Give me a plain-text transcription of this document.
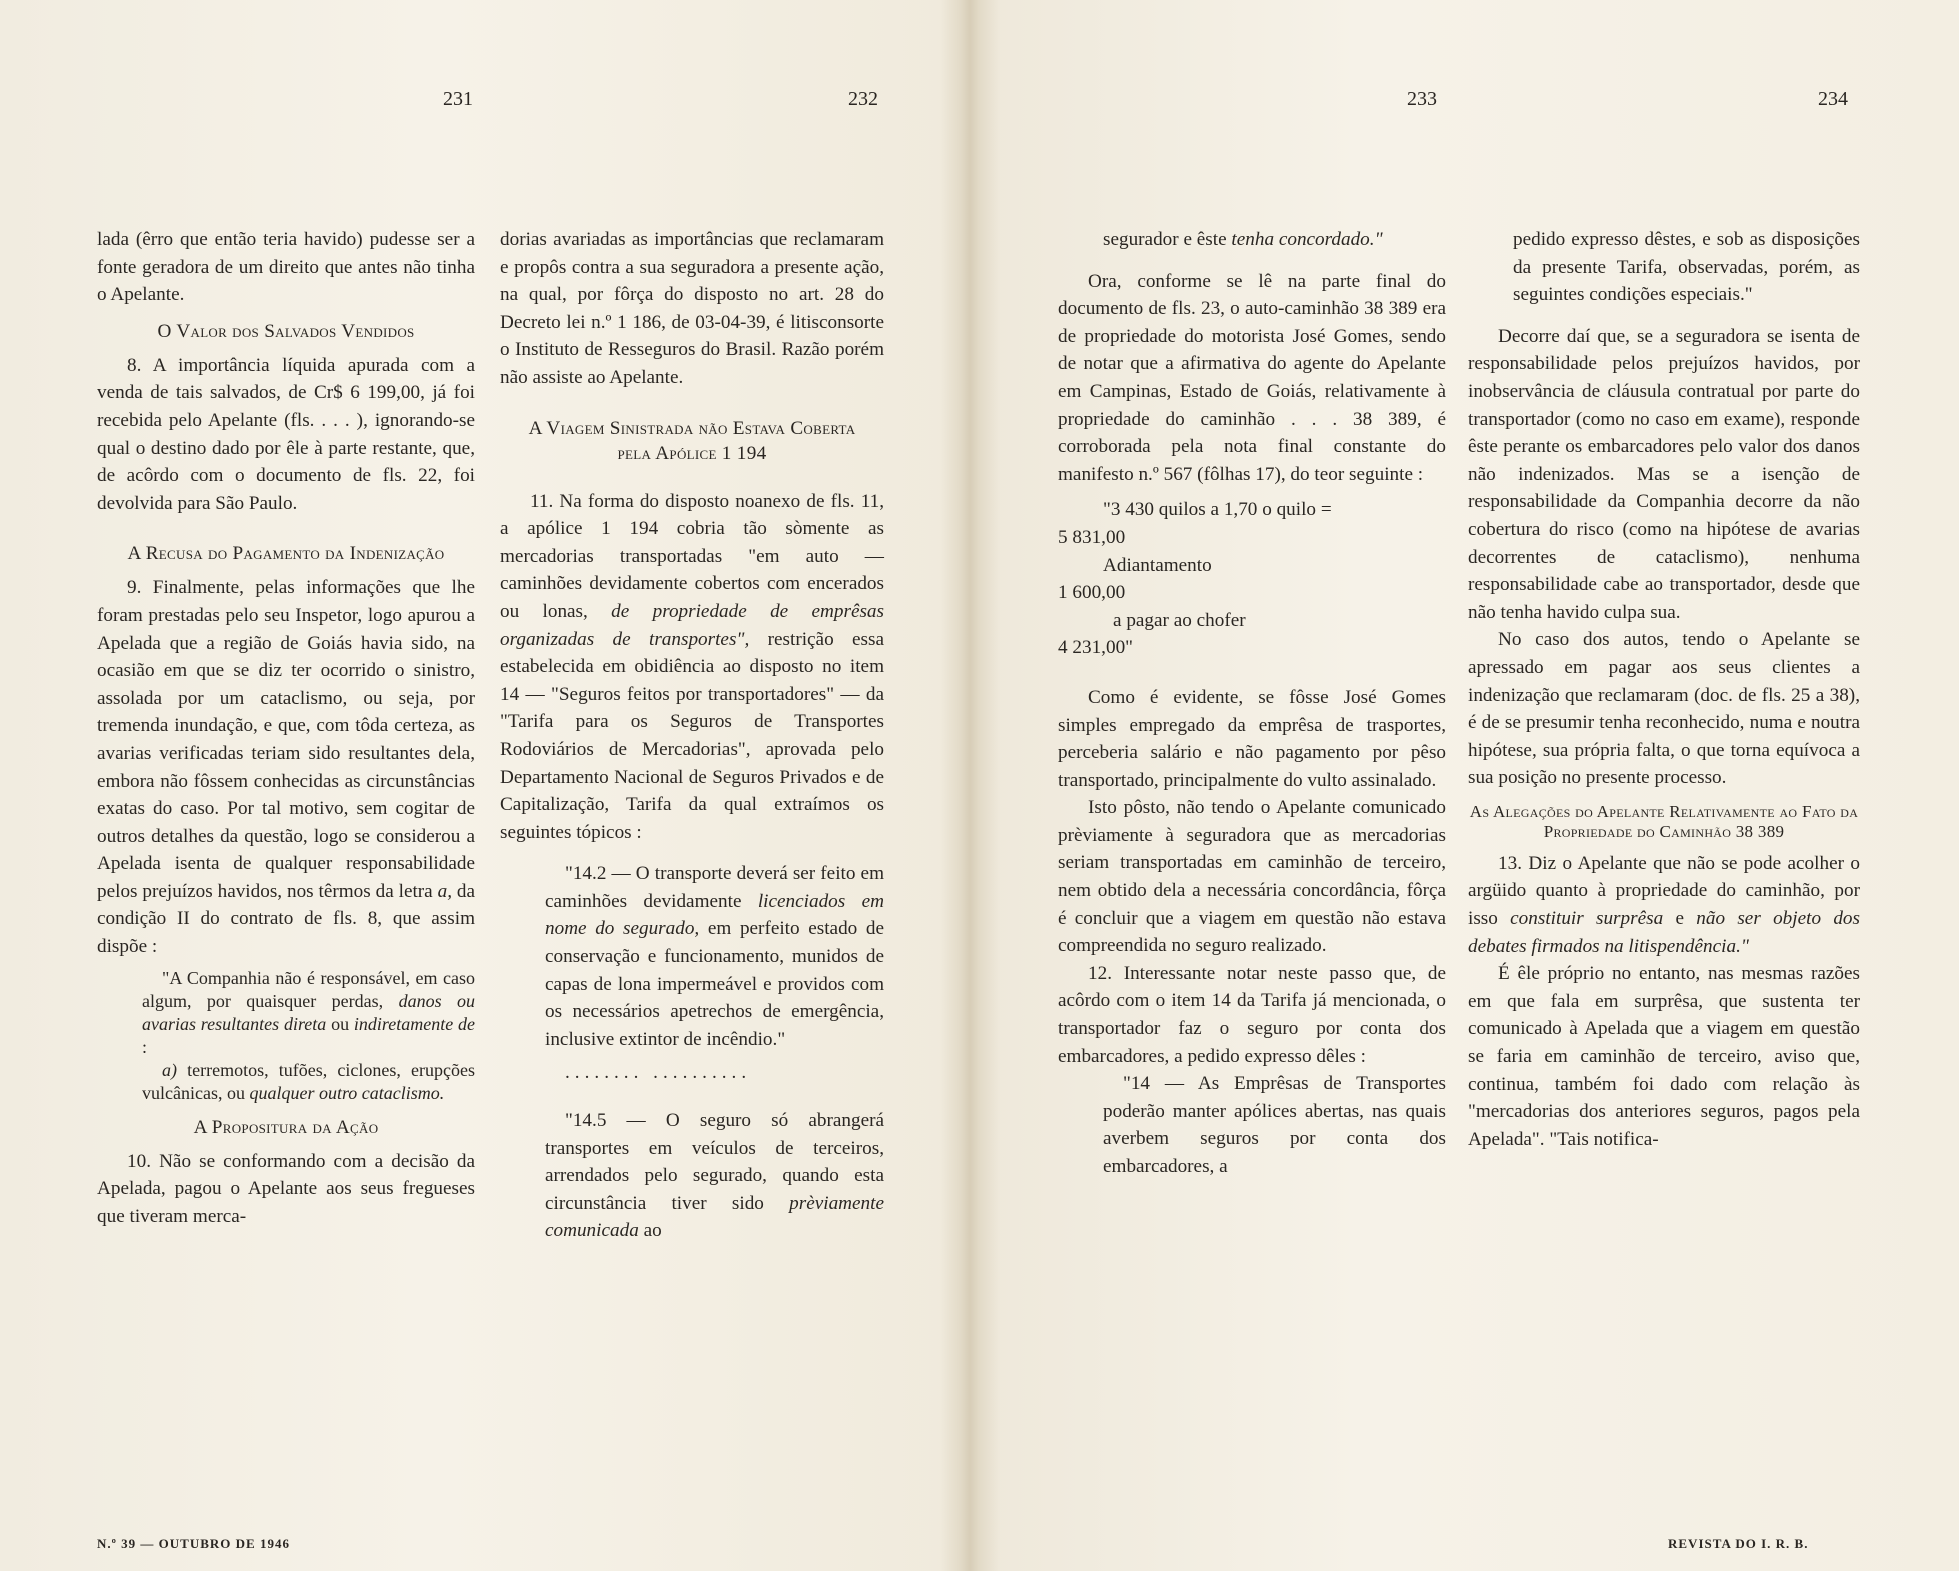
231	232	233	234

lada (êrro que então teria havido) pudesse ser a fonte geradora de um direito que antes não tinha o Apelante.

O Valor dos Salvados Vendidos

8. A importância líquida apurada com a venda de tais salvados, de Cr$ 6 199,00, já foi recebida pelo Apelante (fls. . . . ), ignorando-se qual o destino dado por êle à parte restante, que, de acôrdo com o documento de fls. 22, foi devolvida para São Paulo.

A Recusa do Pagamento da Indenização

9. Finalmente, pelas informações que lhe foram prestadas pelo seu Inspetor, logo apurou a Apelada que a região de Goiás havia sido, na ocasião em que se diz ter ocorrido o sinistro, assolada por um cataclismo, ou seja, por tremenda inundação, e que, com tôda certeza, as avarias verificadas teriam sido resultantes dela, embora não fôssem conhecidas as circunstâncias exatas do caso. Por tal motivo, sem cogitar de outros detalhes da questão, logo se considerou a Apelada isenta de qualquer responsabilidade pelos prejuízos havidos, nos têrmos da letra a, da condição II do contrato de fls. 8, que assim dispõe :

"A Companhia não é responsável, em caso algum, por quaisquer perdas, danos ou avarias resultantes direta ou indiretamente de :

a) terremotos, tufões, ciclones, erupções vulcânicas, ou qualquer outro cataclismo.

A Propositura da Ação

10. Não se conformando com a decisão da Apelada, pagou o Apelante aos seus fregueses que tiveram merca-

dorias avariadas as importâncias que reclamaram e propôs contra a sua seguradora a presente ação, na qual, por fôrça do disposto no art. 28 do Decreto lei n.º 1 186, de 03-04-39, é litisconsorte o Instituto de Resseguros do Brasil. Razão porém não assiste ao Apelante.

A Viagem Sinistrada não Estava Coberta pela Apólice 1 194

11. Na forma do disposto noanexo de fls. 11, a apólice 1 194 cobria tão sòmente as mercadorias transportadas "em auto — caminhões devidamente cobertos com encerados ou lonas, de propriedade de emprêsas organizadas de transportes", restrição essa estabelecida em obidiência ao disposto no item 14 — "Seguros feitos por transportadores" — da "Tarifa para os Seguros de Transportes Rodoviários de Mercadorias", aprovada pelo Departamento Nacional de Seguros Privados e de Capitalização, Tarifa da qual extraímos os seguintes tópicos :

"14.2 — O transporte deverá ser feito em caminhões devidamente licenciados em nome do segurado, em perfeito estado de conservação e funcionamento, munidos de capas de lona impermeável e providos com os necessários apetrechos de emergência, inclusive extintor de incêndio."

........ ..........

"14.5 — O seguro só abrangerá transportes em veículos de terceiros, arrendados pelo segurado, quando esta circunstância tiver sido prèviamente comunicada ao

segurador e êste tenha concordado."

Ora, conforme se lê na parte final do documento de fls. 23, o auto-caminhão 38 389 era de propriedade do motorista José Gomes, sendo de notar que a afirmativa do agente do Apelante em Campinas, Estado de Goiás, relativamente à propriedade do caminhão . . . 38 389, é corroborada pela nota final constante do manifesto n.º 567 (fôlhas 17), do teor seguinte :

"3 430 quilos a 1,70 o quilo =

5 831,00

Adiantamento

1 600,00

a pagar ao chofer

4 231,00"

Como é evidente, se fôsse José Gomes simples empregado da emprêsa de trasportes, perceberia salário e não pagamento por pêso transportado, principalmente do vulto assinalado.

Isto pôsto, não tendo o Apelante comunicado prèviamente à seguradora que as mercadorias seriam transportadas em caminhão de terceiro, nem obtido dela a necessária concordância, fôrça é concluir que a viagem em questão não estava compreendida no seguro realizado.

12. Interessante notar neste passo que, de acôrdo com o item 14 da Tarifa já mencionada, o transportador faz o seguro por conta dos embarcadores, a pedido expresso dêles :

"14 — As Emprêsas de Transportes poderão manter apólices abertas, nas quais averbem seguros por conta dos embarcadores, a

pedido expresso dêstes, e sob as disposições da presente Tarifa, observadas, porém, as seguintes condições especiais."

Decorre daí que, se a seguradora se isenta de responsabilidade pelos prejuízos havidos, por inobservância de cláusula contratual por parte do transportador (como no caso em exame), responde êste perante os embarcadores pelo valor dos danos não indenizados. Mas se a isenção de responsabilidade da Companhia decorre da não cobertura do risco (como na hipótese de avarias decorrentes de cataclismo), nenhuma responsabilidade cabe ao transportador, desde que não tenha havido culpa sua.

No caso dos autos, tendo o Apelante se apressado em pagar aos seus clientes a indenização que reclamaram (doc. de fls. 25 a 38), é de se presumir tenha reconhecido, numa e noutra hipótese, sua própria falta, o que torna equívoca a sua posição no presente processo.

As Alegações do Apelante Relativamente ao Fato da Propriedade do Caminhão 38 389

13. Diz o Apelante que não se pode acolher o argüido quanto à propriedade do caminhão, por isso constituir surprêsa e não ser objeto dos debates firmados na litispendência."

É êle próprio no entanto, nas mesmas razões em que fala em surprêsa, que sustenta ter comunicado à Apelada que a viagem em questão se faria em caminhão de terceiro, aviso que, continua, também foi dado com relação às "mercadorias dos anteriores seguros, pagos pela Apelada". "Tais notifica-

N.º 39 — OUTUBRO DE 1946	REVISTA DO I. R. B.
